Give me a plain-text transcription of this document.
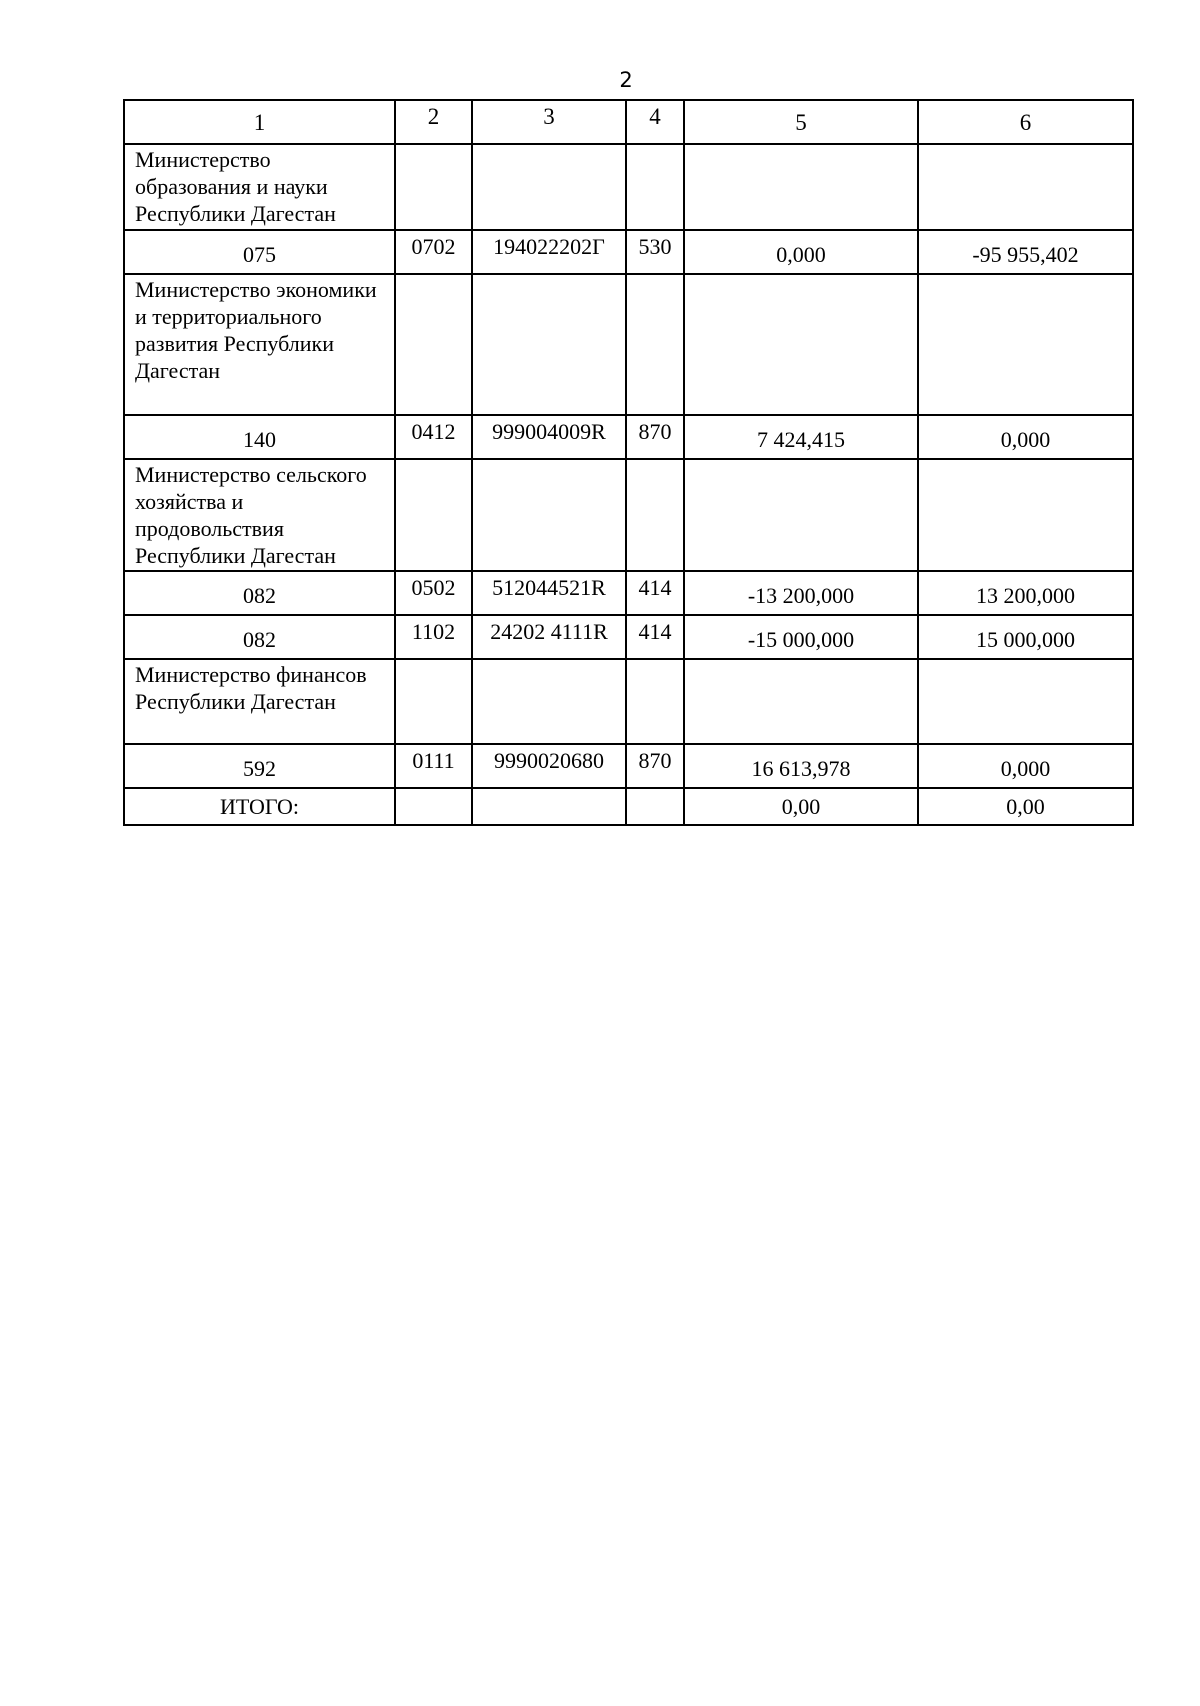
2
1	2	3	4	5	6
Министерство образования и науки Республики Дагестан					
075	0702	194022202Г	530	0,000	-95 955,402
Министерство экономики и территориального развития Республики Дагестан					
140	0412	999004009R	870	7 424,415	0,000
Министерство сельского хозяйства и продовольствия Республики Дагестан					
082	0502	512044521R	414	-13 200,000	13 200,000
082	1102	24202 4111R	414	-15 000,000	15 000,000
Министерство финансов Республики Дагестан					
592	0111	9990020680	870	16 613,978	0,000
ИТОГО:				0,00	0,00
